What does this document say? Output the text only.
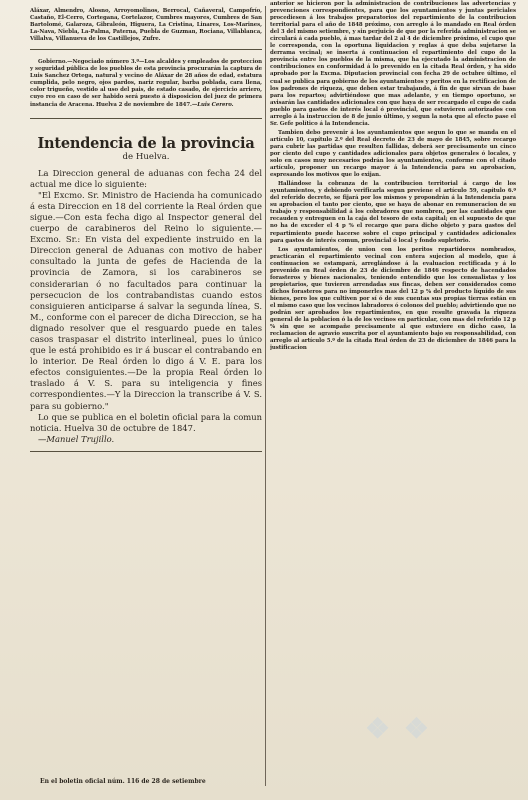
Aláxar, Almendro, Alosno, Arroyomolinos, Berrocal, Cañaveral, Campofrío, Castaño, El-Cerro, Cortegana, Cortelazor, Cumbres mayores, Cumbres de San Bartolomé, Galaroza, Gibraleón, Higuera, La Cristina, Linares, Los-Marines, La-Nava, Niebla, La-Palma, Paterna, Puebla de Guzman, Rociana, Villablanca, Villalva, Villanueva de los Castillejos, Zufre.

Gobierno.—Negociado número 3.º—Los alcaldes y empleados de proteccion y seguridad pública de los pueblos de esta provincia procurarán la captura de Luis Sanchez Ortega, natural y vecino de Aláxar de 28 años de edad, estatura cumplida, pelo negro, ojos pardos, nariz regular, barba poblada, cara llena, color trigueño, vestido al uso del pais, de estado casado, de ejercicio arriero, cuyo reo en caso de ser habido será puesto á disposicion del juez de primera instancia de Aracena. Huelva 2 de noviembre de 1847.—Luis Cerero.

Intendencia de la provincia
de Huelva.

La Direccion general de aduanas con fecha 24 del actual me dice lo siguiente:

"El Excmo. Sr. Ministro de Hacienda ha comunicado á esta Direccion en 18 del corriente la Real órden que sigue.—Con esta fecha digo al Inspector general del cuerpo de carabineros del Reino lo siguiente.—Excmo. Sr.: En vista del expediente instruido en la Direccion general de Aduanas con motivo de haber consultado la junta de gefes de Hacienda de la provincia de Zamora, si los carabineros se considerarian ó no facultados para continuar la persecucion de los contrabandistas cuando estos consiguieren anticiparse á salvar la segunda línea, S. M., conforme con el parecer de dicha Direccion, se ha dignado resolver que el resguardo puede en tales casos traspasar el distrito interlineal, pues lo único que le está prohibido es ir á buscar el contrabando en lo interior. De Real órden lo digo á V. E. para los efectos consiguientes.—De la propia Real órden lo traslado á V. S. para su inteligencia y fines correspondientes.—Y la Direccion la transcribe á V. S. para su gobierno."

Lo que se publica en el boletin oficial para la comun noticia. Huelva 30 de octubre de 1847.

—Manuel Trujillo.

anterior se hicieron por la administracion de contribuciones las advertencias y prevenciones correspondientes, para que los ayuntamientos y juntas periciales procediesen á los trabajos preparatorios del repartimiento de la contribucion territorial para el año de 1848 próximo, con arreglo á lo mandado en Real órden del 3 del mismo setiembre, y sin perjuicio de que por la referida administracion se circulará á cada pueblo, á mas tardar del 2 al 4 de diciembre próximo, el cupo que le corresponda, con la oportuna liquidacion y reglas á que deba sujetarse la derrama vecinal; se inserta á continuacion el repartimiento del cupo de la provincia entre los pueblos de la misma, que ha ejecutado la administracion de contribuciones en conformidad á lo prevenido en la citada Real órden, y ha sido aprobado por la Excma. Diputacion provincial con fecha 29 de octubre último, el cual se publica para gobierno de los ayuntamientos y peritos en la rectificacion de los padrones de riqueza, que deben estar trabajando, á fin de que sirvan de base para los repartos; advirtiéndose que mas adelante, y en tiempo oportuno, se avisarán las cantidades adicionales con que haya de ser recargado el cupo de cada pueblo para gastos de interés local ó provincial, que estuvieren autorizados con arreglo á la instruccion de 8 de junio último, y segun la nota que al efecto pase el Sr. Gefe político á la Intendencia.

Tambien debo prevenir á los ayuntamientos que segun lo que se manda en el artículo 10, capítulo 2.º del Real decreto de 23 de mayo de 1845, sobre recargo para cubrir las partidas que resulten fallidas, deberá ser precisamente un cinco por ciento del cupo y cantidades adicionales para objetos generales ó locales, y solo en casos muy necesarios podrán los ayuntamientos, conforme con el citado artículo, proponer un recargo mayor á la Intendencia para su aprobacion, espresando los motivos que lo exijan.

Hallándose la cobranza de la contribucion territorial á cargo de los ayuntamientos, y debiendo verificarla segun previene el artículo 59, capítulo 6.º del referido decreto, se fijará por los mismos y propondrán á la Intendencia para su aprobacion el tanto por ciento, que se haya de abonar en remuneracion de su trabajo y responsabilidad á los cobradores que nombren, por las cantidades que recauden y entreguen en la caja del tesoro de esta capital; en el supuesto de que no ha de exceder el 4 p % el recargo que para dicho objeto y para gastos del repartimiento puede hacerse sobre el cupo principal y cantidades adicionales para gastos de interés comun, provincial ó local y fondo supletorio.

Los ayuntamientos, de union con los peritos repartidores nombrados, practicarán el repartimiento vecinal con entera sujecion al modelo, que á continuacion se estampará, arreglándose á la evaluacion rectificada y á lo prevenido en Real órden de 23 de diciembre de 1846 respecto de hacendados forasteros y bienes nacionales, teniendo entendido que los censualistas y los propietarios, que tuvieren arrendadas sus fincas, deben ser considerados como dichos forasteros para no imponerles mas del 12 p % del producto líquido de sus bienes, pero los que cultiven por sí ó de sus cuentas sus propias tierras están en el mismo caso que los vecinos labradores ó colonos del pueblo; advirtiendo que no podrán ser aprobados los repartimientos, en que resulte gravada la riqueza general de la poblacion ó la de los vecinos en particular, con mas del referido 12 p % sin que se acompañe precisamente al que estuviere en dicho caso, la reclamacion de agravio suscrita por el ayuntamiento bajo su responsabilidad, con arreglo al artículo 5.º de la citada Real órden de 23 de diciembre de 1846 para la justificacion

❖ ❖
En el boletin oficial núm. 116 de 28 de setiembre
